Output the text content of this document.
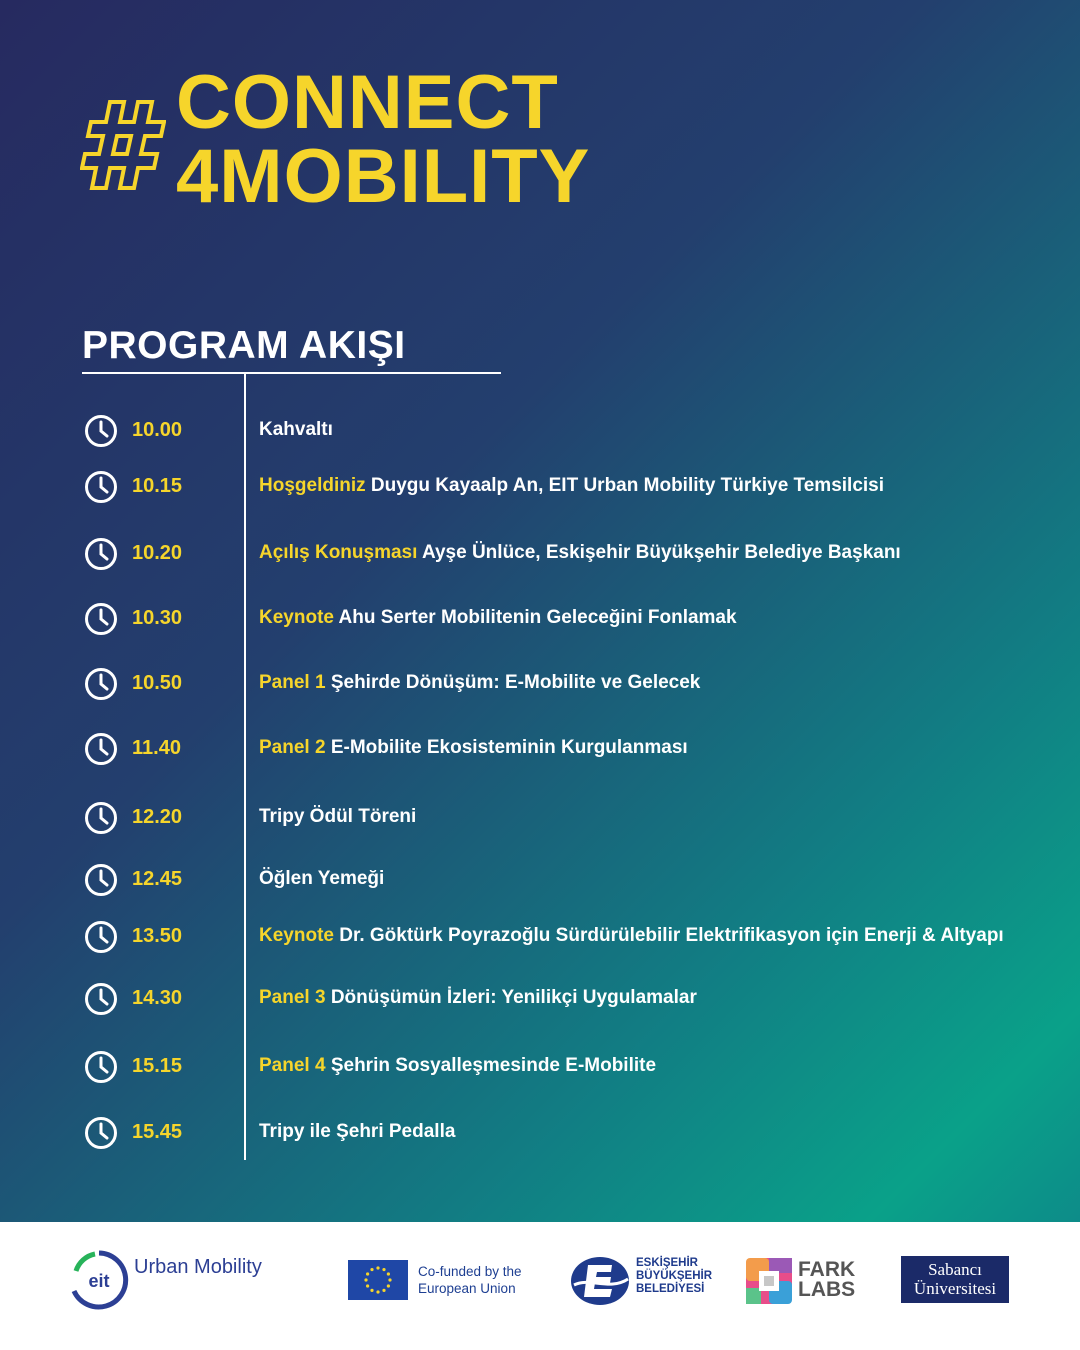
CONNECT
4MOBILITY
PROGRAM AKIŞI
10.00	Kahvaltı
10.15	Hoşgeldiniz Duygu Kayaalp An, EIT Urban Mobility Türkiye Temsilcisi
10.20	Açılış Konuşması Ayşe Ünlüce, Eskişehir Büyükşehir Belediye Başkanı
10.30	Keynote Ahu Serter Mobilitenin Geleceğini Fonlamak
10.50	Panel 1 Şehirde Dönüşüm: E-Mobilite ve Gelecek
11.40	Panel 2 E-Mobilite Ekosisteminin Kurgulanması
12.20	Tripy Ödül Töreni
12.45	Öğlen Yemeği
13.50	Keynote Dr. Göktürk Poyrazoğlu Sürdürülebilir Elektrifikasyon için Enerji & Altyapı
14.30	Panel 3 Dönüşümün İzleri: Yenilikçi Uygulamalar
15.15	Panel 4 Şehrin Sosyalleşmesinde E-Mobilite
15.45	Tripy ile Şehri Pedalla
eit
Urban Mobility	Co-funded by the
European Union
ESKİŞEHİR
BÜYÜKŞEHİR
BELEDİYESİ
FARK
LABS
Sabancı
Üniversitesi
